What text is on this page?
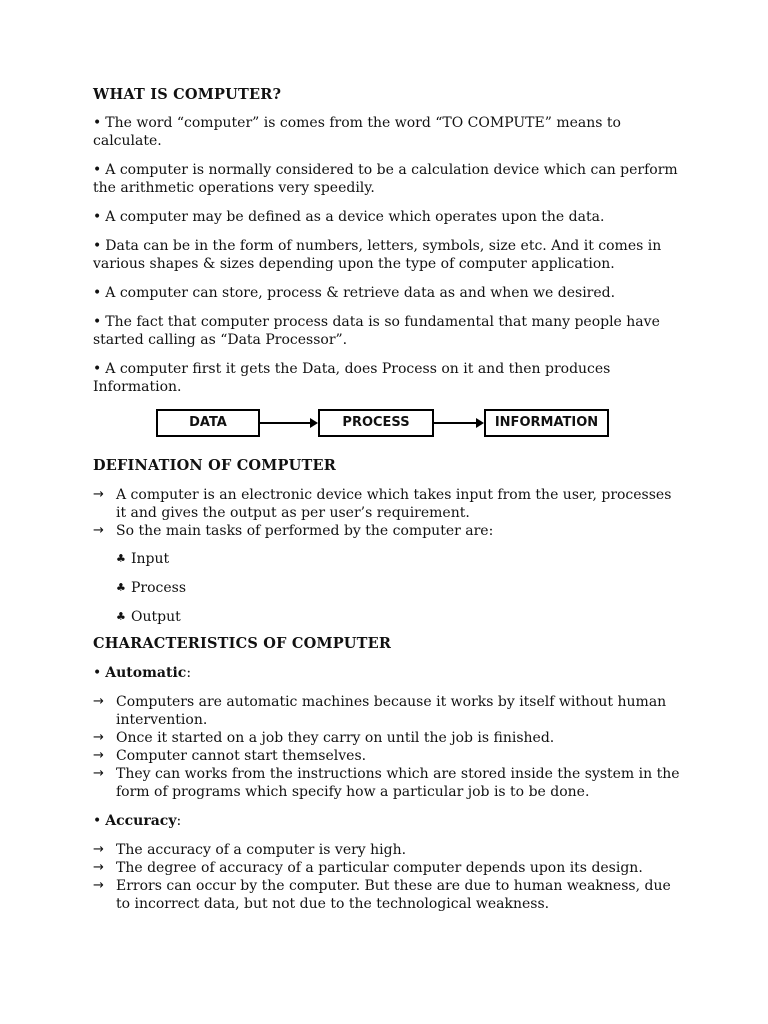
WHAT IS COMPUTER?

• The word “computer” is comes from the word “TO COMPUTE” means to calculate.

• A computer is normally considered to be a calculation device which can perform the arithmetic operations very speedily.

• A computer may be defined as a device which operates upon the data.

• Data can be in the form of numbers, letters, symbols, size etc. And it comes in various shapes & sizes depending upon the type of computer application.

• A computer can store, process & retrieve data as and when we desired.

• The fact that computer process data is so fundamental that many people have started calling as “Data Processor”.

• A computer first it gets the Data, does Process on it and then produces Information.

DATA	PROCESS	INFORMATION
DEFINATION OF COMPUTER
→ A computer is an electronic device which takes input from the user, processes it and gives the output as per user’s requirement.
→ So the main tasks of performed by the computer are:
♣ Input
♣ Process
♣ Output
CHARACTERISTICS OF COMPUTER

• Automatic:

→ Computers are automatic machines because it works by itself without human intervention.
→ Once it started on a job they carry on until the job is finished.
→ Computer cannot start themselves.
→ They can works from the instructions which are stored inside the system in the form of programs which specify how a particular job is to be done.

• Accuracy:

→ The accuracy of a computer is very high.
→ The degree of accuracy of a particular computer depends upon its design.
→ Errors can occur by the computer. But these are due to human weakness, due to incorrect data, but not due to the technological weakness.
